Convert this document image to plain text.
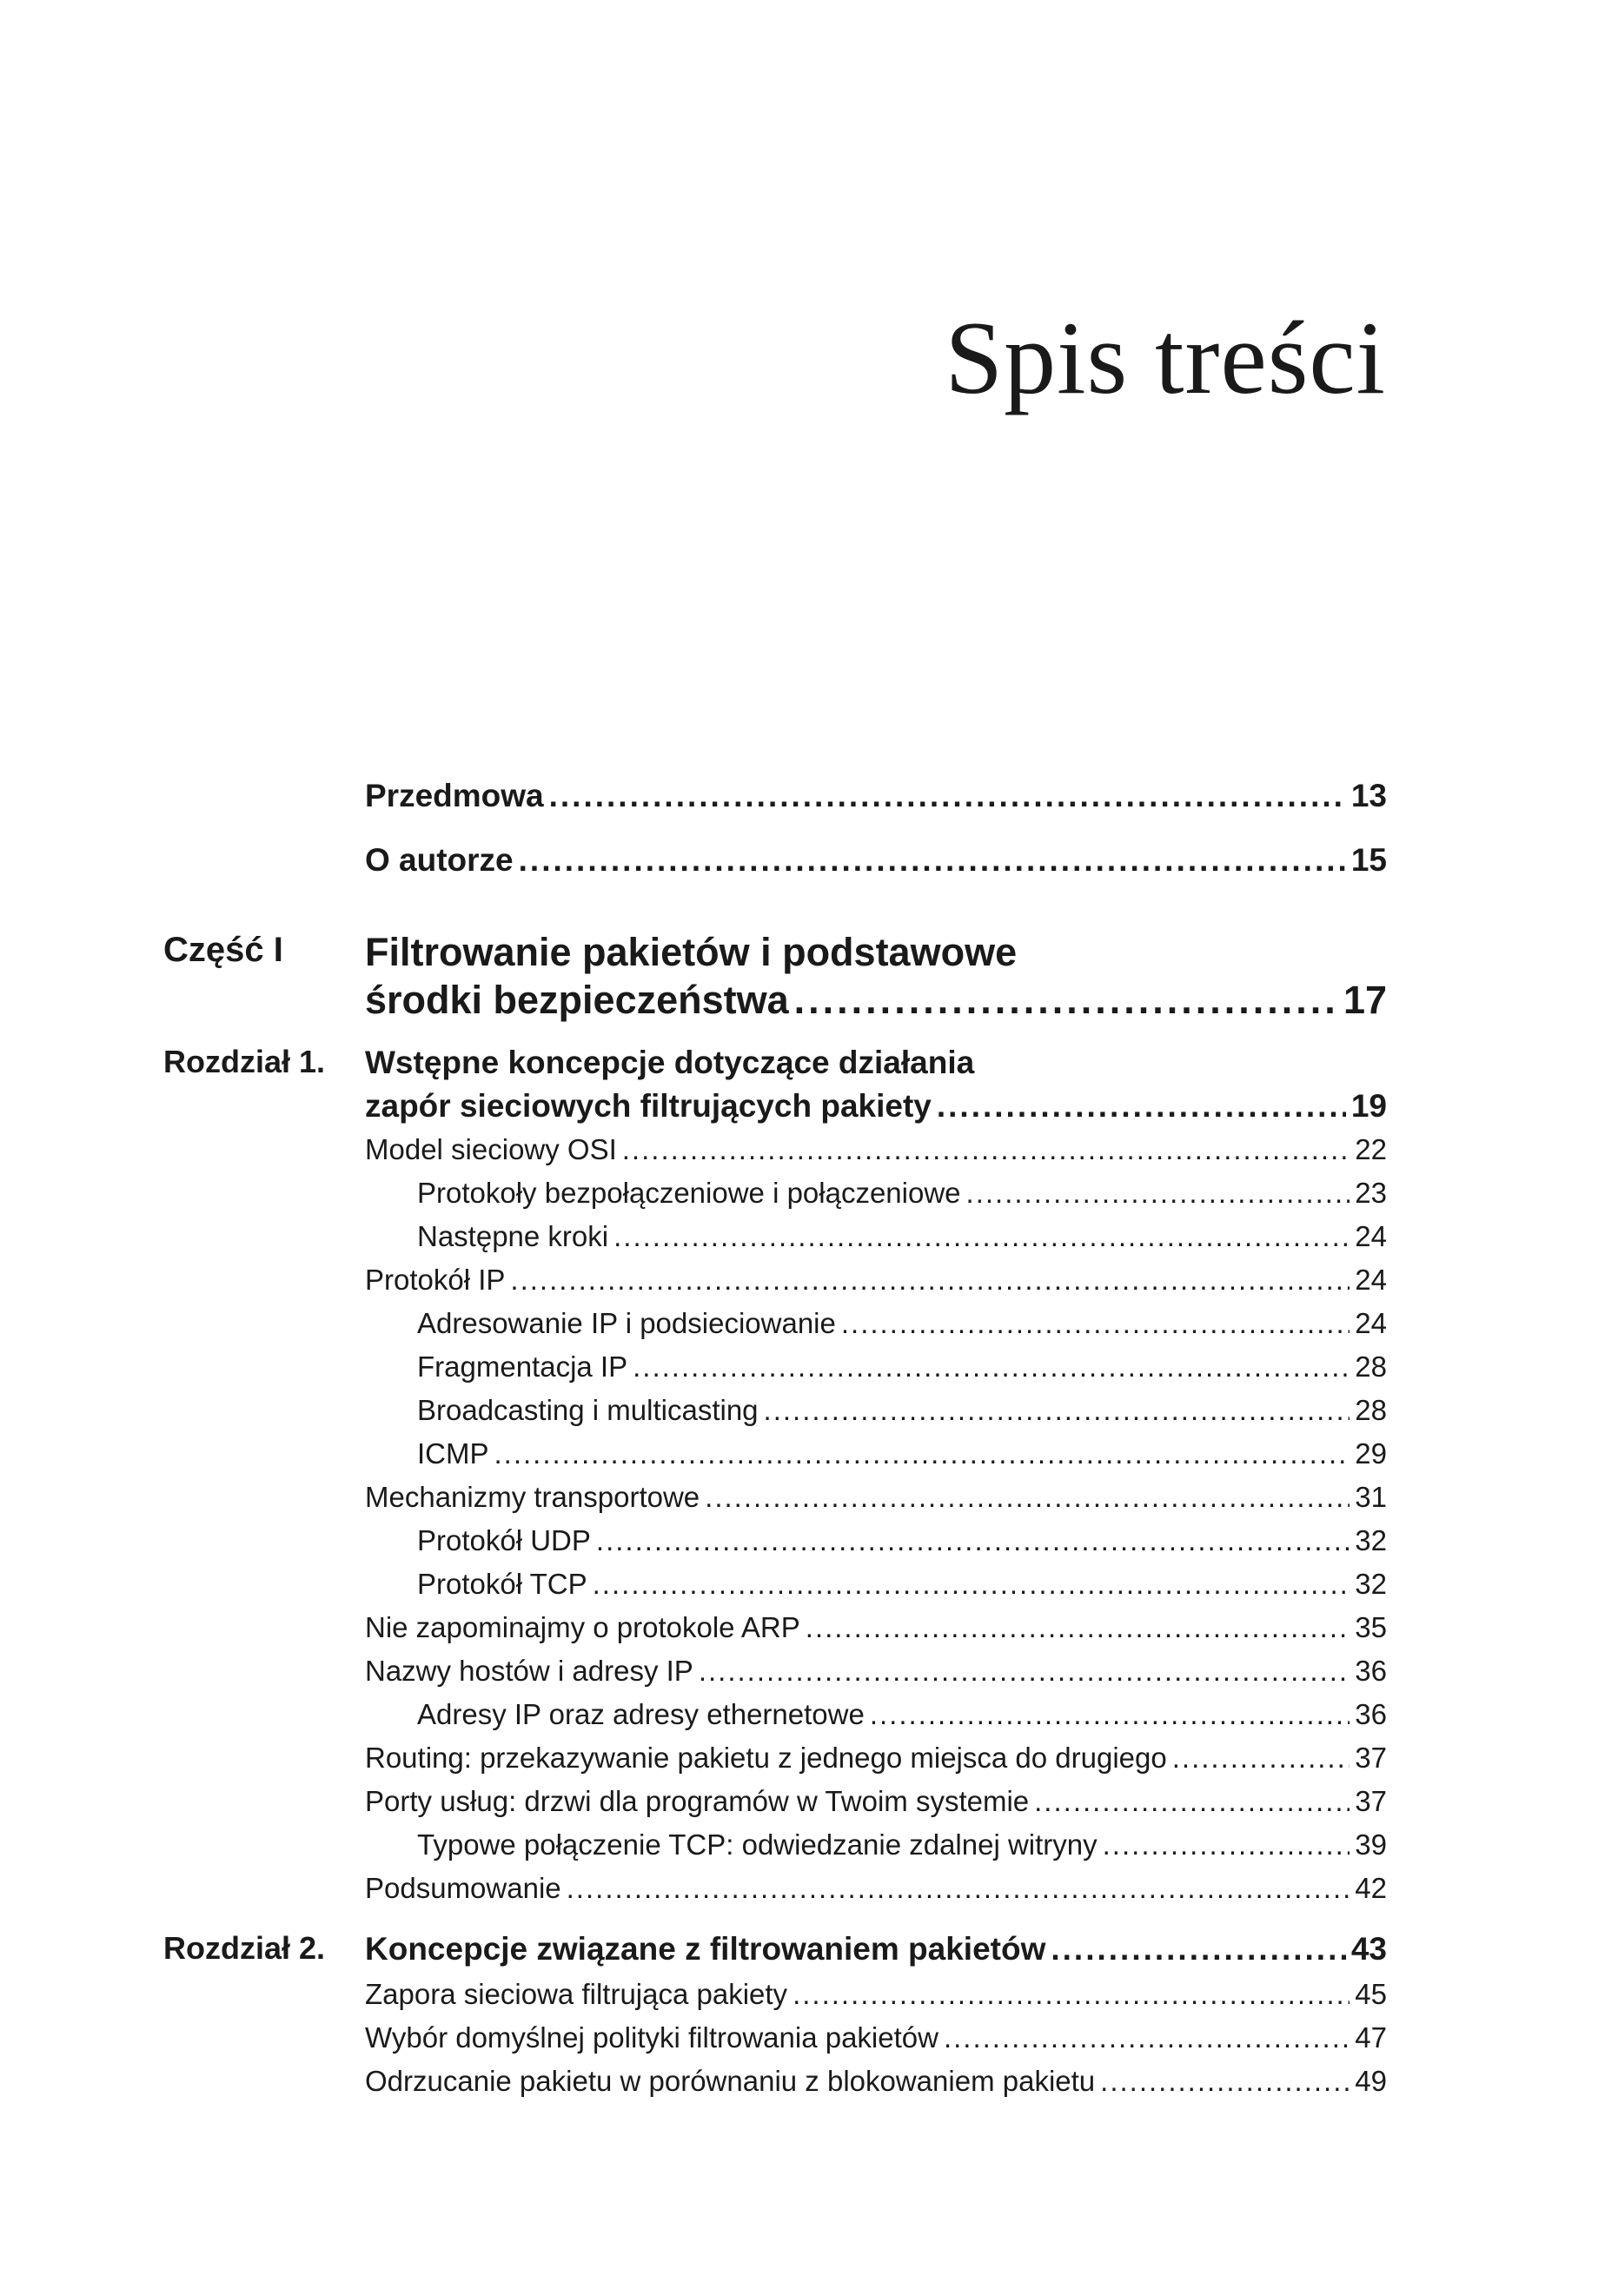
Spis treści
Przedmowa .....	13
O autorze .....	15
Część I Filtrowanie pakietów i podstawowe
środki bezpieczeństwa .....	17
Rozdział 1. Wstępne koncepcje dotyczące działania
zapór sieciowych filtrujących pakiety .....	19
Model sieciowy OSI .....	22
Protokoły bezpołączeniowe i połączeniowe .....	23
Następne kroki .....	24
Protokół IP .....	24
Adresowanie IP i podsieciowanie .....	24
Fragmentacja IP .....	28
Broadcasting i multicasting .....	28
ICMP .....	29
Mechanizmy transportowe .....	31
Protokół UDP .....	32
Protokół TCP .....	32
Nie zapominajmy o protokole ARP .....	35
Nazwy hostów i adresy IP .....	36
Adresy IP oraz adresy ethernetowe .....	36
Routing: przekazywanie pakietu z jednego miejsca do drugiego .....	37
Porty usług: drzwi dla programów w Twoim systemie .....	37
Typowe połączenie TCP: odwiedzanie zdalnej witryny .....	39
Podsumowanie .....	42
Rozdział 2. Koncepcje związane z filtrowaniem pakietów .....	43
Zapora sieciowa filtrująca pakiety .....	45
Wybór domyślnej polityki filtrowania pakietów .....	47
Odrzucanie pakietu w porównaniu z blokowaniem pakietu .....	49
